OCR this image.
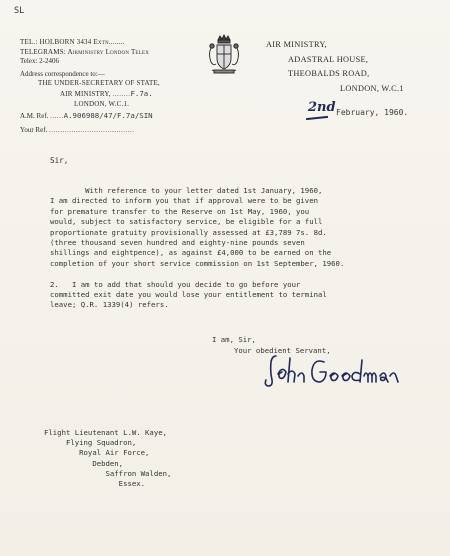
SL
TEL.: HOLBORN 3434 Extn........
TELEGRAMS: Airministry London Telex
Telex: 2-2406
Address correspondence to:—
THE UNDER-SECRETARY OF STATE,
AIR MINISTRY, ........F.7a.
LONDON, W.C.1.
A.M. Ref. ......A.906988/47/F.7a/SIN
Your Ref. ......................................
AIR MINISTRY,
ADASTRAL HOUSE,
THEOBALDS ROAD,
LONDON, W.C.1
2nd February, 1960.
Sir,
With reference to your letter dated 1st January, 1960,
I am directed to inform you that if approval were to be given
for premature transfer to the Reserve on 1st May, 1960, you
would, subject to satisfactory service, be eligible for a full
proportionate gratuity provisionally assessed at £3,789 7s. 8d.
(three thousand seven hundred and eighty-nine pounds seven
shillings and eightpence), as against £4,000 to be earned on the
completion of your short service commission on 1st September, 1960.

2.   I am to add that should you decide to go before your
committed exit date you would lose your entitlement to terminal
leave; Q.R. 1339(4) refers.
I am, Sir,
Your obedient Servant,
Flight Lieutenant L.W. Kaye,
Flying Squadron,
Royal Air Force,
Debden,
Saffron Walden,
Essex.
